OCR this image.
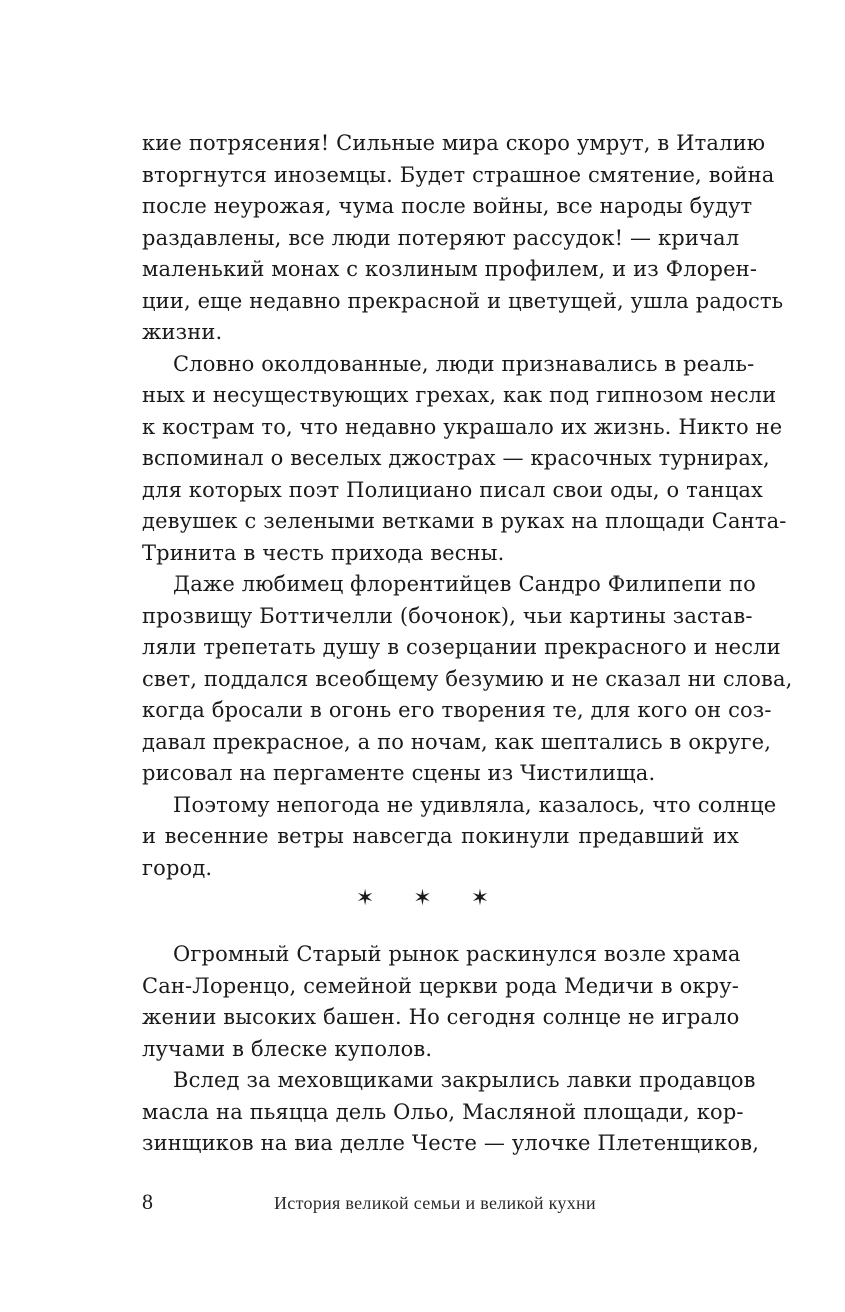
кие потрясения! Сильные мира скоро умрут, в Италию
вторгнутся иноземцы. Будет страшное смятение, война
после неурожая, чума после войны, все народы будут
раздавлены, все люди потеряют рассудок! — кричал
маленький монах с козлиным профилем, и из Флорен-
ции, еще недавно прекрасной и цветущей, ушла радость
жизни.
Словно околдованные, люди признавались в реаль-
ных и несуществующих грехах, как под гипнозом несли
к кострам то, что недавно украшало их жизнь. Никто не
вспоминал о веселых джострах — красочных турнирах,
для которых поэт Полициано писал свои оды, о танцах
девушек с зелеными ветками в руках на площади Санта-
Тринита в честь прихода весны.
Даже любимец флорентийцев Сандро Филипепи по
прозвищу Боттичелли (бочонок), чьи картины застав-
ляли трепетать душу в созерцании прекрасного и несли
свет, поддался всеобщему безумию и не сказал ни слова,
когда бросали в огонь его творения те, для кого он соз-
давал прекрасное, а по ночам, как шептались в округе,
рисовал на пергаменте сцены из Чистилища.
Поэтому непогода не удивляла, казалось, что солнце
и весенние ветры навсегда покинули предавший их
город.
✶ ✶ ✶
Огромный Старый рынок раскинулся возле храма
Сан-Лоренцо, семейной церкви рода Медичи в окру-
жении высоких башен. Но сегодня солнце не играло
лучами в блеске куполов.
Вслед за меховщиками закрылись лавки продавцов
масла на пьяцца дель Ольо, Масляной площади, кор-
зинщиков на виа делле Честе — улочке Плетенщиков,
8	История великой семьи и великой кухни
